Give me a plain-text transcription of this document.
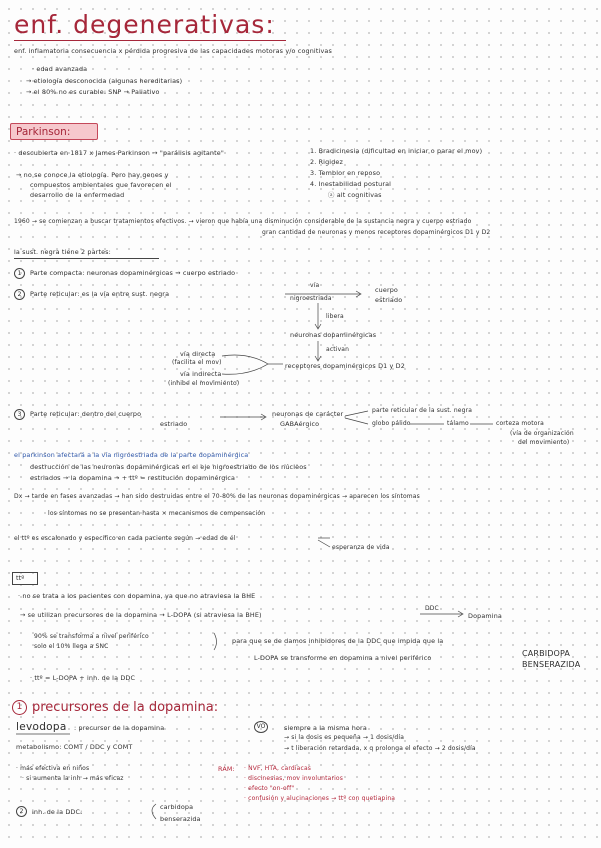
enf. degenerativas:
enf. inflamatoria consecuencia x pérdida progresiva de las capacidades motoras y/o cognitivas
· edad avanzada
→ etiología desconocida (algunas hereditarias)
→ el 80% no es curable: SNP → Paliativo
Parkinson:
· descubierta en 1817 x James Parkinson → "parálisis agitante"
→ no se conoce la etiología. Pero hay genes y
compuestos ambientales que favorecen el
desarrollo de la enfermedad
1. Bradicinesia (dificultad en iniciar o parar el mov)
2. Rigidez
3. Temblor en reposo
4. Inestabilidad postural
ⓐ alt cognitivas
1960 → se comienzan a buscar tratamientos efectivos. → vieron que había una disminución considerable de la sustancia negra y cuerpo estriado
gran cantidad de neuronas y menos receptores dopaminérgicos D1 y D2
la sust. negra tiene 2 partes:
1	Parte compacta: neuronas dopaminérgicas → cuerpo estriado
2	Parte reticular: es la vía entre sust. negra
vía
nigroestriada
cuerpo
estriado
libera
neuronas dopaminérgicas
activan
vía directa
(facilita el mov)
vía indirecta
(inhibe el movimiento)
receptores dopaminérgicos D1 y D2
3	Parte reticular: dentro del cuerpo
estriado
neuronas de carácter
GABAérgico
parte reticular de la sust. negra
globo pálido	tálamo	corteza motora
(vía de organización
del movimiento)
el parkinson afectará a la vía nigroestriada de la parte dopaminérgica
destrucción de las neuronas dopaminérgicas en el eje nigroestriado de los núcleos
estriados → la dopamina → + ttº = restitución dopaminérgica
Dx → tarde en fases avanzadas → han sido destruidas entre el 70-80% de las neuronas dopaminérgicas → aparecen los síntomas
los síntomas no se presentan hasta × mecanismos de compensación
el ttº es escalonado y específico en cada paciente según → edad de él
esperanza de vida
ttº
· no se trata a los pacientes con dopamina, ya que no atraviesa la BHE
→ se utilizan precursores de la dopamina → L-DOPA (si atraviesa la BHE)
DDC
Dopamina
90% se transforma a nivel periférico
solo el 10% llega a SNC
para que se de damos inhibidores de la DDC que impida que la
L-DOPA se transforme en dopamina a nivel periférico	CARBIDOPA
BENSERAZIDA
· ttº = L-DOPA + inh. de la DDC
1 precursores de la dopamina:
levodopa : precursor de la dopamina	VO	siempre a la misma hora
→ si la dosis es pequeña → 1 dosis/día
→ t liberación retardada, x q prolonga el efecto → 2 dosis/día
metabolismo: COMT / DDC y COMT
· más efectiva en niños
· si aumenta la inh → más eficaz
RAM: · NVF, HTA, cardiacas
· discinesias, mov involuntarios
· efecto "on-off"
· confusión y alucinaciones → ttº con quetiapina
2	inh. de la DDC:
carbidopa
benserazida
